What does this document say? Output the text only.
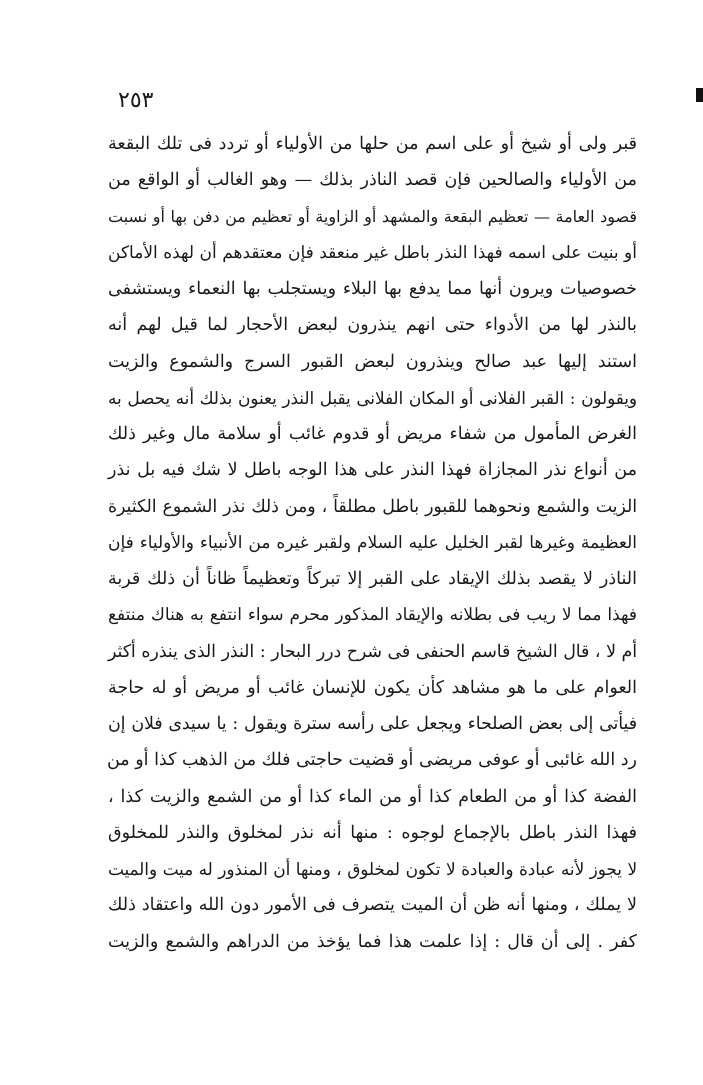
٢٥٣
قبر ولى أو شيخ أو على اسم من حلها من الأولياء أو تردد فى تلك البقعة
من الأولياء والصالحين فإن قصد الناذر بذلك — وهو الغالب أو الواقع من
قصود العامة — تعظيم البقعة والمشهد أو الزاوية أو تعظيم من دفن بها أو نسبت
أو بنيت على اسمه فهذا النذر باطل غير منعقد فإن معتقدهم أن لهذه الأماكن
خصوصيات ويرون أنها مما يدفع بها البلاء ويستجلب بها النعماء ويستشفى
بالنذر لها من الأدواء حتى انهم ينذرون لبعض الأحجار لما قيل لهم أنه
استند إليها عبد صالح وينذرون لبعض القبور السرج والشموع والزيت
ويقولون : القبر الفلانى أو المكان الفلانى يقبل النذر يعنون بذلك أنه يحصل به
الغرض المأمول من شفاء مريض أو قدوم غائب أو سلامة مال وغير ذلك
من أنواع نذر المجازاة فهذا النذر على هذا الوجه باطل لا شك فيه بل نذر
الزيت والشمع ونحوهما للقبور باطل مطلقاً ، ومن ذلك نذر الشموع الكثيرة
العظيمة وغيرها لقبر الخليل عليه السلام ولقبر غيره من الأنبياء والأولياء فإن
الناذر لا يقصد بذلك الإيقاد على القبر إلا تبركاً وتعظيماً ظاناً أن ذلك قربة
فهذا مما لا ريب فى بطلانه والإيقاد المذكور محرم سواء انتفع به هناك منتفع
أم لا ، قال الشيخ قاسم الحنفى فى شرح درر البحار : النذر الذى ينذره أكثر
العوام على ما هو مشاهد كأن يكون للإنسان غائب أو مريض أو له حاجة
فيأتى إلى بعض الصلحاء ويجعل على رأسه سترة ويقول : يا سيدى فلان إن
رد الله غائبى أو عوفى مريضى أو قضيت حاجتى فلك من الذهب كذا أو من
الفضة كذا أو من الطعام كذا أو من الماء كذا أو من الشمع والزيت كذا ،
فهذا النذر باطل بالإجماع لوجوه : منها أنه نذر لمخلوق والنذر للمخلوق
لا يجوز لأنه عبادة والعبادة لا تكون لمخلوق ، ومنها أن المنذور له ميت والميت
لا يملك ، ومنها أنه ظن أن الميت يتصرف فى الأمور دون الله واعتقاد ذلك
كفر . إلى أن قال : إذا علمت هذا فما يؤخذ من الدراهم والشمع والزيت
